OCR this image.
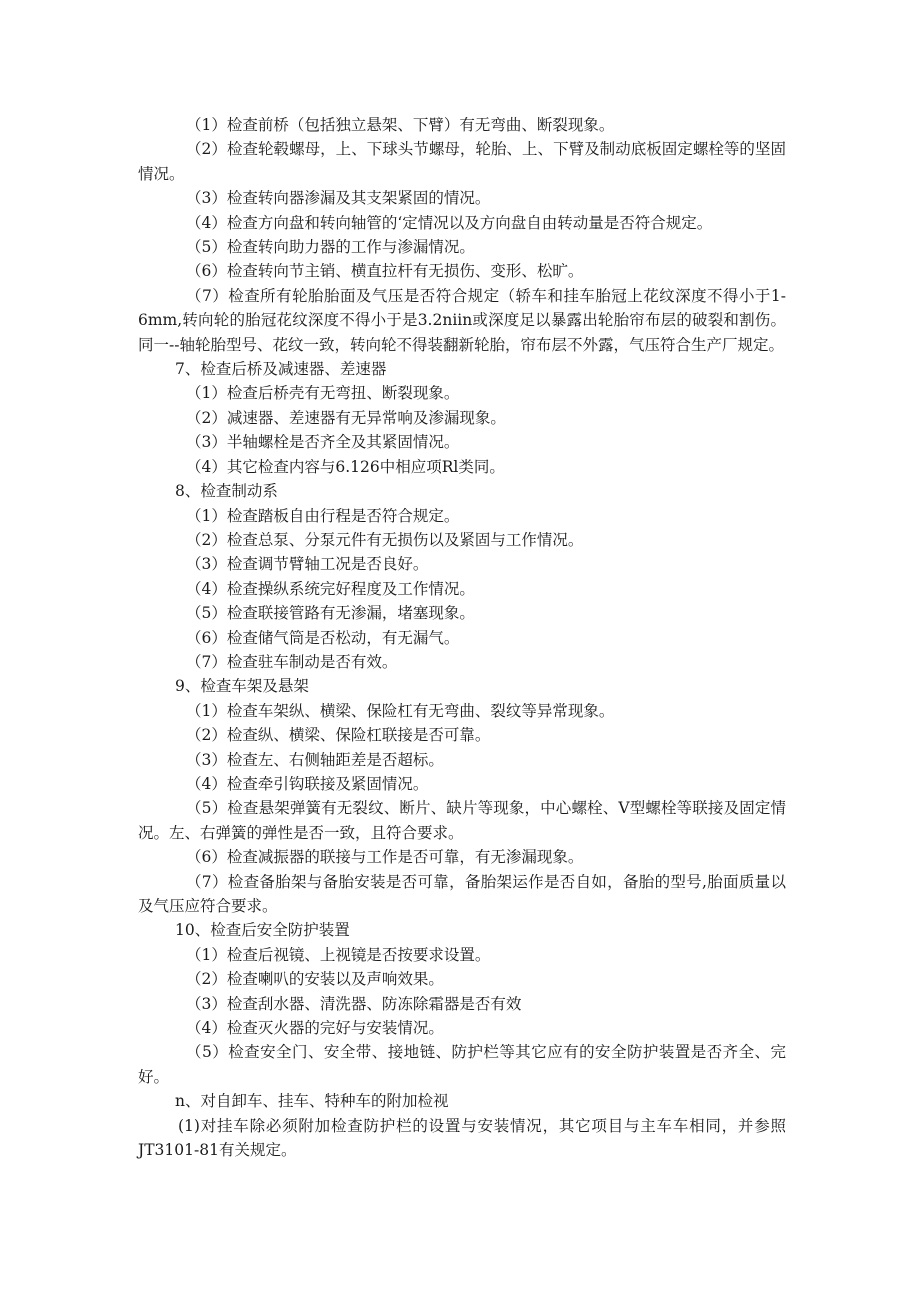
（1）检查前桥（包括独立悬架、下臂）有无弯曲、断裂现象。

（2）检查轮毂螺母，上、下球头节螺母，轮胎、上、下臂及制动底板固定螺栓等的坚固情况。

（3）检查转向器渗漏及其支架紧固的情况。

（4）检查方向盘和转向轴管的‘定情况以及方向盘自由转动量是否符合规定。

（5）检查转向助力器的工作与渗漏情况。

（6）检查转向节主销、横直拉杆有无损伤、变形、松旷。

（7）检查所有轮胎胎面及气压是否符合规定（轿车和挂车胎冠上花纹深度不得小于1-6mm,转向轮的胎冠花纹深度不得小于是3.2niin或深度足以暴露出轮胎帘布层的破裂和割伤。同一--轴轮胎型号、花纹一致，转向轮不得装翻新轮胎，帘布层不外露，气压符合生产厂规定。

7、检查后桥及减速器、差速器

（1）检查后桥壳有无弯扭、断裂现象。

（2）减速器、差速器有无异常响及渗漏现象。

（3）半轴螺栓是否齐全及其紧固情况。

（4）其它检查内容与6.126中相应项Rl类同。

8、检查制动系

（1）检查踏板自由行程是否符合规定。

（2）检查总泵、分泵元件有无损伤以及紧固与工作情况。

（3）检查调节臂轴工况是否良好。

（4）检查操纵系统完好程度及工作情况。

（5）检查联接管路有无渗漏，堵塞现象。

（6）检查储气筒是否松动，有无漏气。

（7）检查驻车制动是否有效。

9、检查车架及悬架

（1）检查车架纵、横梁、保险杠有无弯曲、裂纹等异常现象。

（2）检查纵、横梁、保险杠联接是否可靠。

（3）检查左、右侧轴距差是否超标。

（4）检查牵引钩联接及紧固情况。

（5）检查悬架弹簧有无裂纹、断片、缺片等现象，中心螺栓、V型螺栓等联接及固定情况。左、右弹簧的弹性是否一致，且符合要求。

（6）检查减振器的联接与工作是否可靠，有无渗漏现象。

（7）检查备胎架与备胎安装是否可靠，备胎架运作是否自如，备胎的型号,胎面质量以及气压应符合要求。

10、检查后安全防护装置

（1）检查后视镜、上视镜是否按要求设置。

（2）检查喇叭的安装以及声响效果。

（3）检查刮水器、清洗器、防冻除霜器是否有效

（4）检查灭火器的完好与安装情况。

（5）检查安全门、安全带、接地链、防护栏等其它应有的安全防护装置是否齐全、完好。

n、对自卸车、挂车、特种车的附加检视

(1)对挂车除必须附加检查防护栏的设置与安装情况，其它项目与主车车相同，并参照JT3101-81有关规定。
